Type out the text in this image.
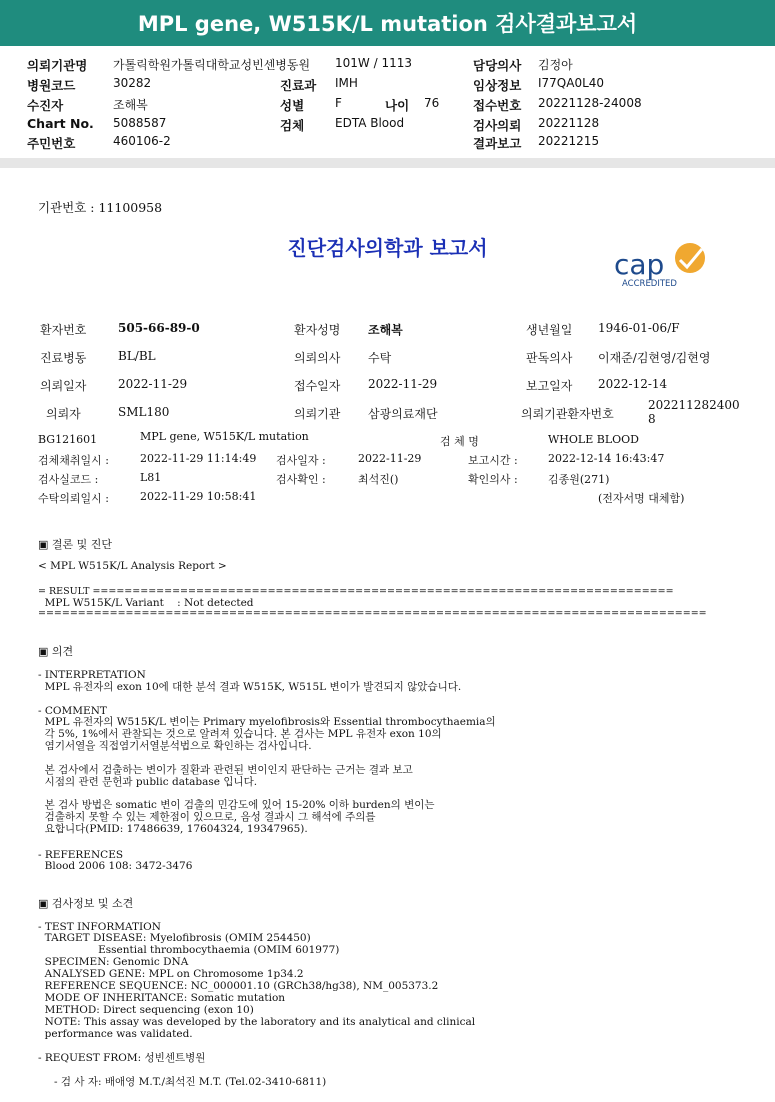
MPL gene, W515K/L mutation 검사결과보고서
의뢰기관명 가톨릭학원가톨릭대학교성빈센병동원 101W / 1113	담당의사 김정아
병원코드	30282	진료과 IMH	임상정보 I77QA0L40
수진자	조해복	성별	F	나이 76	접수번호 20221128-24008
Chart No. 5088587	검체	EDTA Blood	검사의뢰 20221128
주민번호	460106-2	결과보고 20221215
기관번호 : 11100958
진단검사의학과 보고서	cap
ACCREDITED
환자번호	505-66-89-0	환자성명 조해복	생년월일 1946-01-06/F
진료병동	BL/BL	의뢰의사 수탁	판독의사 이재준/김현영/김현영
의뢰일자	2022-11-29	접수일자 2022-11-29	보고일자 2022-12-14
의뢰자	SML180	의뢰기관 삼광의료재단	의뢰기관환자번호
202211282400
8
BG121601	MPL gene, W515K/L mutation	검 체 명	WHOLE BLOOD
검체채취일시 :	2022-11-29 11:14:49 검사일자 :	2022-11-29	보고시간 :	2022-12-14 16:43:47
검사실코드 :	L81	검사확인 :	최석진()	확인의사 :	김종원(271)
수탁의뢰일시 :	2022-11-29 10:58:41	(전자서명 대체함)
▣ 결론 및 진단
< MPL W515K/L Analysis Report >
= RESULT =========================================================================
MPL W515K/L Variant    : Not detected
====================================================================================
▣ 의견
- INTERPRETATION
MPL 유전자의 exon 10에 대한 분석 결과 W515K, W515L 변이가 발견되지 않았습니다.
- COMMENT
MPL 유전자의 W515K/L 변이는 Primary myelofibrosis와 Essential thrombocythaemia의
각 5%, 1%에서 관찰되는 것으로 알려져 있습니다. 본 검사는 MPL 유전자 exon 10의
염기서열을 직접염기서열분석법으로 확인하는 검사입니다.
본 검사에서 검출하는 변이가 질환과 관련된 변이인지 판단하는 근거는 결과 보고
시점의 관련 문헌과 public database 입니다.
본 검사 방법은 somatic 변이 검출의 민감도에 있어 15-20% 이하 burden의 변이는
검출하지 못할 수 있는 제한점이 있으므로, 음성 결과시 그 해석에 주의를
요합니다(PMID: 17486639, 17604324, 19347965).
- REFERENCES
Blood 2006 108: 3472-3476
▣ 검사정보 및 소견
- TEST INFORMATION
TARGET DISEASE: Myelofibrosis (OMIM 254450)
Essential thrombocythaemia (OMIM 601977)
SPECIMEN: Genomic DNA
ANALYSED GENE: MPL on Chromosome 1p34.2
REFERENCE SEQUENCE: NC_000001.10 (GRCh38/hg38), NM_005373.2
MODE OF INHERITANCE: Somatic mutation
METHOD: Direct sequencing (exon 10)
NOTE: This assay was developed by the laboratory and its analytical and clinical
performance was validated.
- REQUEST FROM: 성빈센트병원
- 검 사 자: 배애영 M.T./최석진 M.T. (Tel.02-3410-6811)
